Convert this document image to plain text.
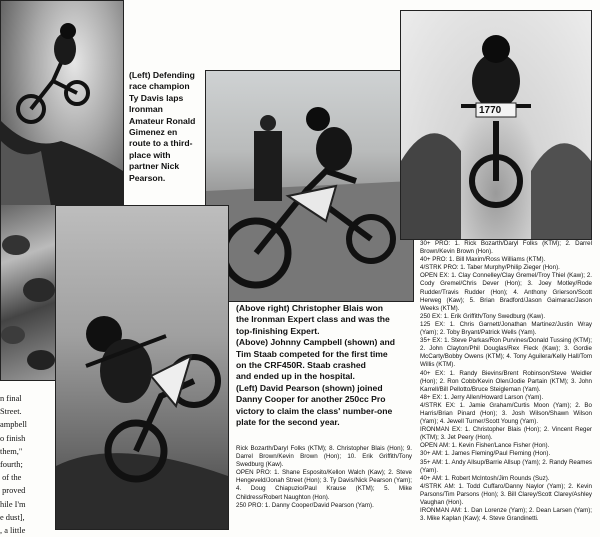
n final
Street.
ampbell
o finish
them,"
fourth;
of the
proved
hile I'm
e dust],
, a little
(Left) Defending
race champion
Ty Davis laps
Ironman
Amateur Ronald
Gimenez en
route to a third-
place with
partner Nick
Pearson.
1770
(Above right) Christopher Blais won
the Ironman Expert class and was the
top-finishing Expert.
(Above) Johnny Campbell (shown) and
Tim Staab competed for the first time
on the CRF450R. Staab crashed
and ended up in the hospital.
(Left) David Pearson (shown) joined
Danny Cooper for another 250cc Pro
victory to claim the class' number-one
plate for the second year.
Rick Bozarth/Daryl Folks (KTM); 8. Christopher Blais (Hon); 9. Darrel Brown/Kevin Brown (Hon); 10. Erik Griffith/Tony Swedburg (Kaw).
OPEN PRO: 1. Shane Esposito/Kellon Walch (Kaw); 2. Steve Hengeveld/Jonah Street (Hon); 3. Ty Davis/Nick Pearson (Yam); 4. Doug Chiapuzio/Paul Krause (KTM); 5. Mike Childress/Robert Naughton (Hon).
250 PRO: 1. Danny Cooper/David Pearson (Yam).
30+ PRO: 1. Rick Bozarth/Daryl Folks (KTM); 2. Darrel Brown/Kevin Brown (Hon).
40+ PRO: 1. Bill Maxim/Ross Williams (KTM).
4/STRK PRO: 1. Taber Murphy/Philip Zieger (Hon).
OPEN EX: 1. Clay Connelley/Clay Gremel/Troy Thiel (Kaw); 2. Cody Gremel/Chris Dever (Hon); 3. Joey Motley/Rode Rudder/Travis Rudder (Hon); 4. Anthony Grierson/Scott Herweg (Kaw); 5. Brian Bradford/Jason Gaimarac/Jason Weeks (KTM).
250 EX: 1. Erik Griffith/Tony Swedburg (Kaw).
125 EX: 1. Chris Garnett/Jonathan Martinez/Justin Wray (Yam); 2. Toby Bryant/Patrick Wells (Yam).
35+ EX: 1. Steve Parkas/Ron Purvines/Donald Tussing (KTM); 2. John Clayton/Phil Douglas/Rex Fleck (Kaw); 3. Gordie McCarty/Bobby Owens (KTM); 4. Tony Aguilera/Kelly Hall/Tom Willis (KTM).
40+ EX: 1. Randy Bievins/Brent Robinson/Steve Weidler (Hon); 2. Ron Cobb/Kevin Olen/Jodie Partain (KTM); 3. John Karrell/Bill Pellotto/Bruce Steigleman (Yam).
48+ EX: 1. Jerry Allen/Howard Larson (Yam).
4/STRK EX: 1. Jamie Graham/Curtis Moon (Yam); 2. Bo Harris/Brian Pinard (Hon); 3. Josh Wilson/Shawn Wilson (Yam); 4. Jewell Turner/Scott Young (Yam).
IRONMAN EX: 1. Christopher Blais (Hon); 2. Vincent Reger (KTM); 3. Jet Peery (Hon).
OPEN AM: 1. Kevin Fisher/Lance Fisher (Hon).
30+ AM: 1. James Fleming/Paul Fleming (Hon).
35+ AM: 1. Andy Allsup/Barrie Allsup (Yam); 2. Randy Reames (Yam).
40+ AM: 1. Robert McIntosh/Jim Rounds (Suz).
4/STRK AM: 1. Todd Cuffaro/Danny Naylor (Yam); 2. Kevin Parsons/Tim Parsons (Hon); 3. Bill Clarey/Scott Clarey/Ashley Vaughan (Hon).
IRONMAN AM: 1. Dan Lorenze (Yam); 2. Dean Larsen (Yam); 3. Mike Kaplan (Kaw); 4. Steve Grandinetti.
